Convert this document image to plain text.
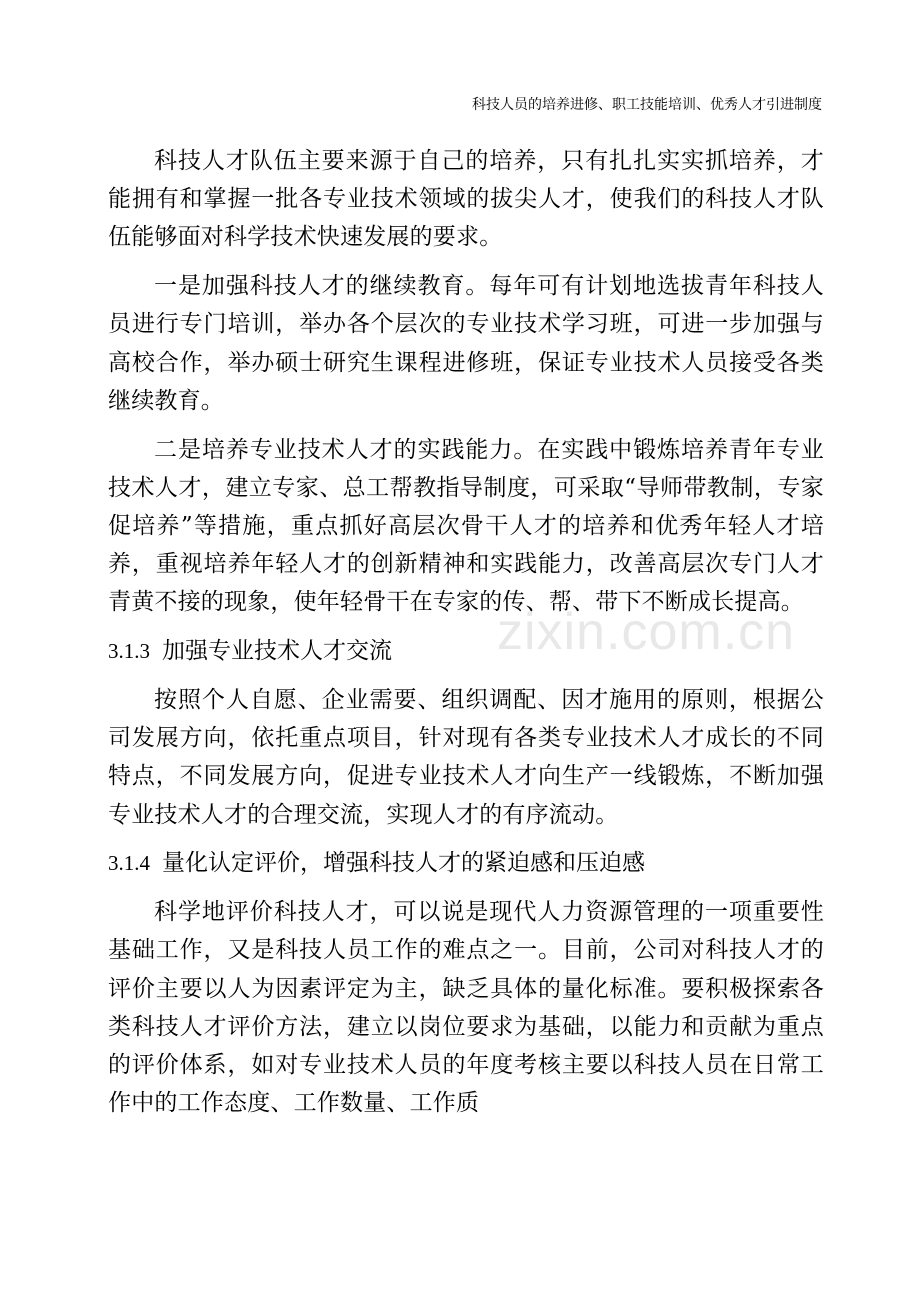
科技人员的培养进修、职工技能培训、优秀人才引进制度

科技人才队伍主要来源于自己的培养，只有扎扎实实抓培养，才能拥有和掌握一批各专业技术领域的拔尖人才，使我们的科技人才队伍能够面对科学技术快速发展的要求。

一是加强科技人才的继续教育。每年可有计划地选拔青年科技人员进行专门培训，举办各个层次的专业技术学习班，可进一步加强与高校合作，举办硕士研究生课程进修班，保证专业技术人员接受各类继续教育。

二是培养专业技术人才的实践能力。在实践中锻炼培养青年专业技术人才，建立专家、总工帮教指导制度，可采取“导师带教制，专家促培养”等措施，重点抓好高层次骨干人才的培养和优秀年轻人才培养，重视培养年轻人才的创新精神和实践能力，改善高层次专门人才青黄不接的现象，使年轻骨干在专家的传、帮、带下不断成长提高。

3.1.3 加强专业技术人才交流

按照个人自愿、企业需要、组织调配、因才施用的原则，根据公司发展方向，依托重点项目，针对现有各类专业技术人才成长的不同特点，不同发展方向，促进专业技术人才向生产一线锻炼，不断加强专业技术人才的合理交流，实现人才的有序流动。

3.1.4 量化认定评价，增强科技人才的紧迫感和压迫感

科学地评价科技人才，可以说是现代人力资源管理的一项重要性基础工作，又是科技人员工作的难点之一。目前，公司对科技人才的评价主要以人为因素评定为主，缺乏具体的量化标准。要积极探索各类科技人才评价方法，建立以岗位要求为基础，以能力和贡献为重点的评价体系，如对专业技术人员的年度考核主要以科技人员在日常工作中的工作态度、工作数量、工作质

zixin.com.cn
